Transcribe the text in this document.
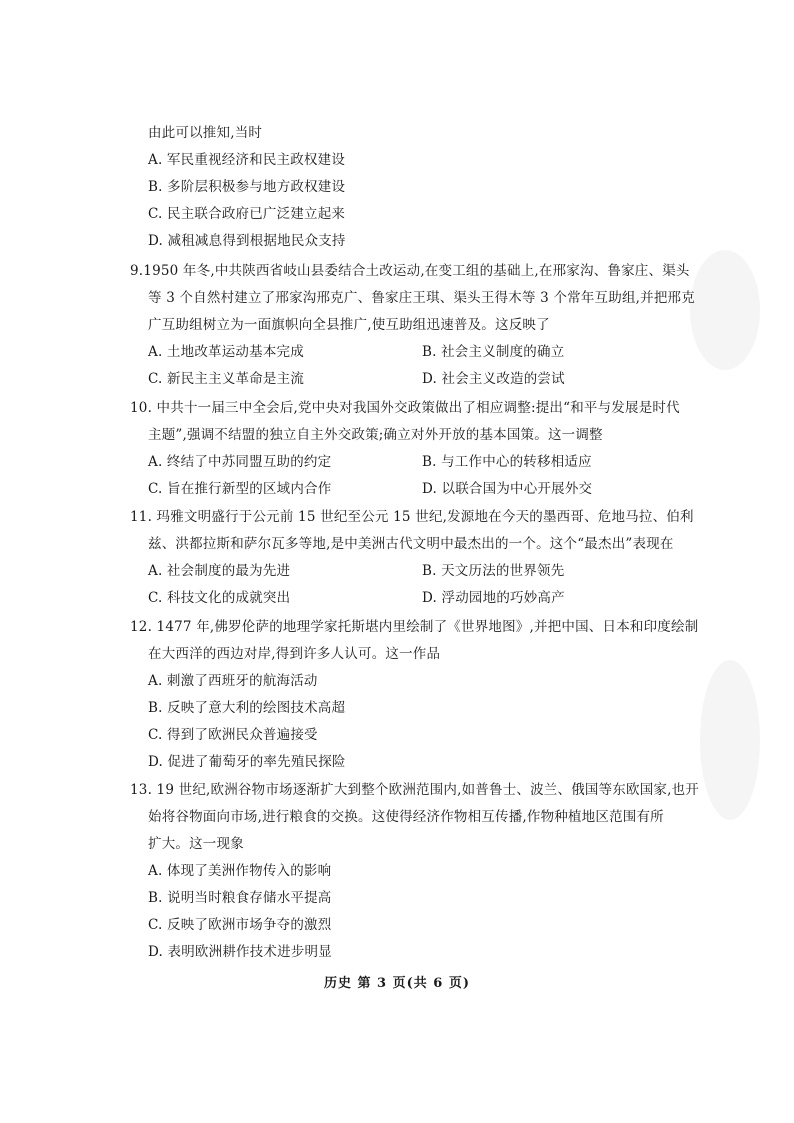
由此可以推知,当时
A. 军民重视经济和民主政权建设
B. 多阶层积极参与地方政权建设
C. 民主联合政府已广泛建立起来
D. 减租减息得到根据地民众支持
9.1950 年冬,中共陕西省岐山县委结合土改运动,在变工组的基础上,在邢家沟、鲁家庄、渠头
等 3 个自然村建立了邢家沟邢克广、鲁家庄王琪、渠头王得木等 3 个常年互助组,并把邢克
广互助组树立为一面旗帜向全县推广,使互助组迅速普及。这反映了
A. 土地改革运动基本完成	B. 社会主义制度的确立
C. 新民主主义革命是主流	D. 社会主义改造的尝试
10. 中共十一届三中全会后,党中央对我国外交政策做出了相应调整:提出“和平与发展是时代
主题”,强调不结盟的独立自主外交政策;确立对外开放的基本国策。这一调整
A. 终结了中苏同盟互助的约定	B. 与工作中心的转移相适应
C. 旨在推行新型的区域内合作	D. 以联合国为中心开展外交
11. 玛雅文明盛行于公元前 15 世纪至公元 15 世纪,发源地在今天的墨西哥、危地马拉、伯利
兹、洪都拉斯和萨尔瓦多等地,是中美洲古代文明中最杰出的一个。这个“最杰出”表现在
A. 社会制度的最为先进	B. 天文历法的世界领先
C. 科技文化的成就突出	D. 浮动园地的巧妙高产
12. 1477 年,佛罗伦萨的地理学家托斯堪内里绘制了《世界地图》,并把中国、日本和印度绘制
在大西洋的西边对岸,得到许多人认可。这一作品
A. 刺激了西班牙的航海活动
B. 反映了意大利的绘图技术高超
C. 得到了欧洲民众普遍接受
D. 促进了葡萄牙的率先殖民探险
13. 19 世纪,欧洲谷物市场逐渐扩大到整个欧洲范围内,如普鲁士、波兰、俄国等东欧国家,也开
始将谷物面向市场,进行粮食的交换。这使得经济作物相互传播,作物种植地区范围有所
扩大。这一现象
A. 体现了美洲作物传入的影响
B. 说明当时粮食存储水平提高
C. 反映了欧洲市场争夺的激烈
D. 表明欧洲耕作技术进步明显
历史 第 3 页(共 6 页)
